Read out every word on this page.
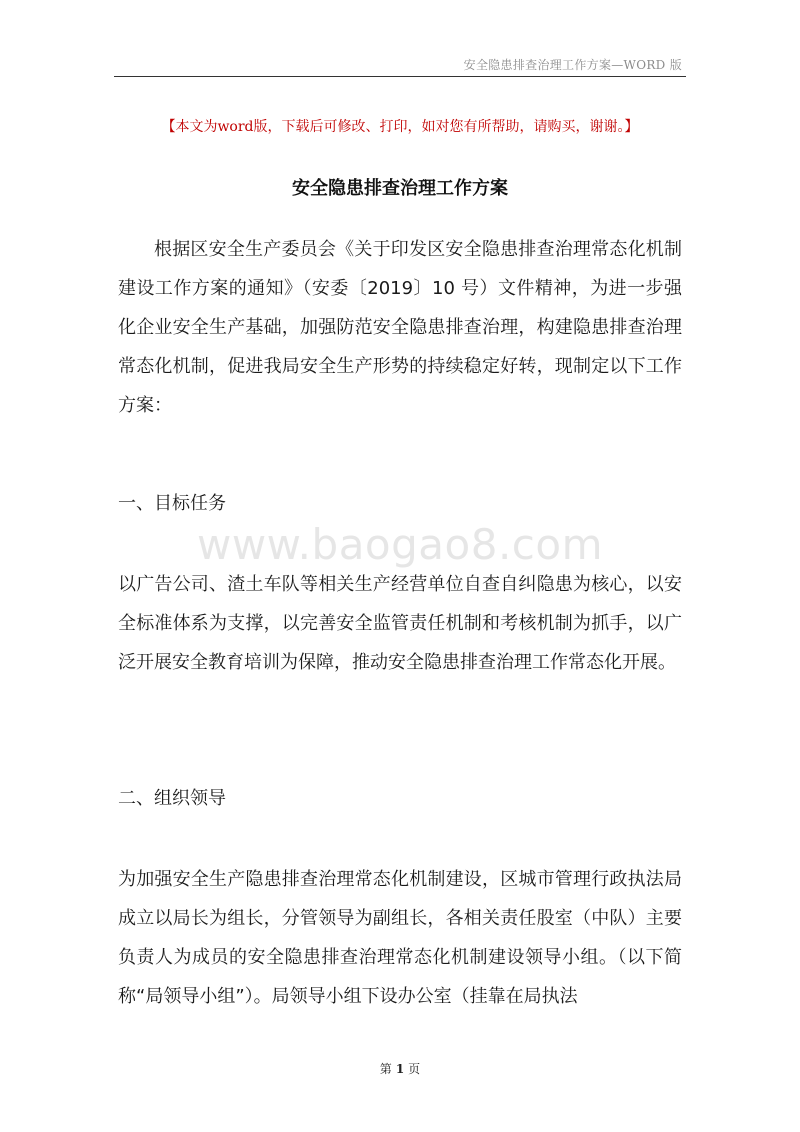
安全隐患排查治理工作方案—WORD 版
【本文为word版，下载后可修改、打印，如对您有所帮助，请购买，谢谢。】
安全隐患排查治理工作方案

根据区安全生产委员会《关于印发区安全隐患排查治理常态化机制建设工作方案的通知》（安委〔2019〕10 号）文件精神，为进一步强化企业安全生产基础，加强防范安全隐患排查治理，构建隐患排查治理常态化机制，促进我局安全生产形势的持续稳定好转，现制定以下工作方案：

一、目标任务
www.baogao8.com

以广告公司、渣土车队等相关生产经营单位自查自纠隐患为核心，以安全标准体系为支撑，以完善安全监管责任机制和考核机制为抓手，以广泛开展安全教育培训为保障，推动安全隐患排查治理工作常态化开展。

二、组织领导

为加强安全生产隐患排查治理常态化机制建设，区城市管理行政执法局成立以局长为组长，分管领导为副组长，各相关责任股室（中队）主要负责人为成员的安全隐患排查治理常态化机制建设领导小组。（以下简称“局领导小组”）。局领导小组下设办公室（挂靠在局执法

第 1 页
